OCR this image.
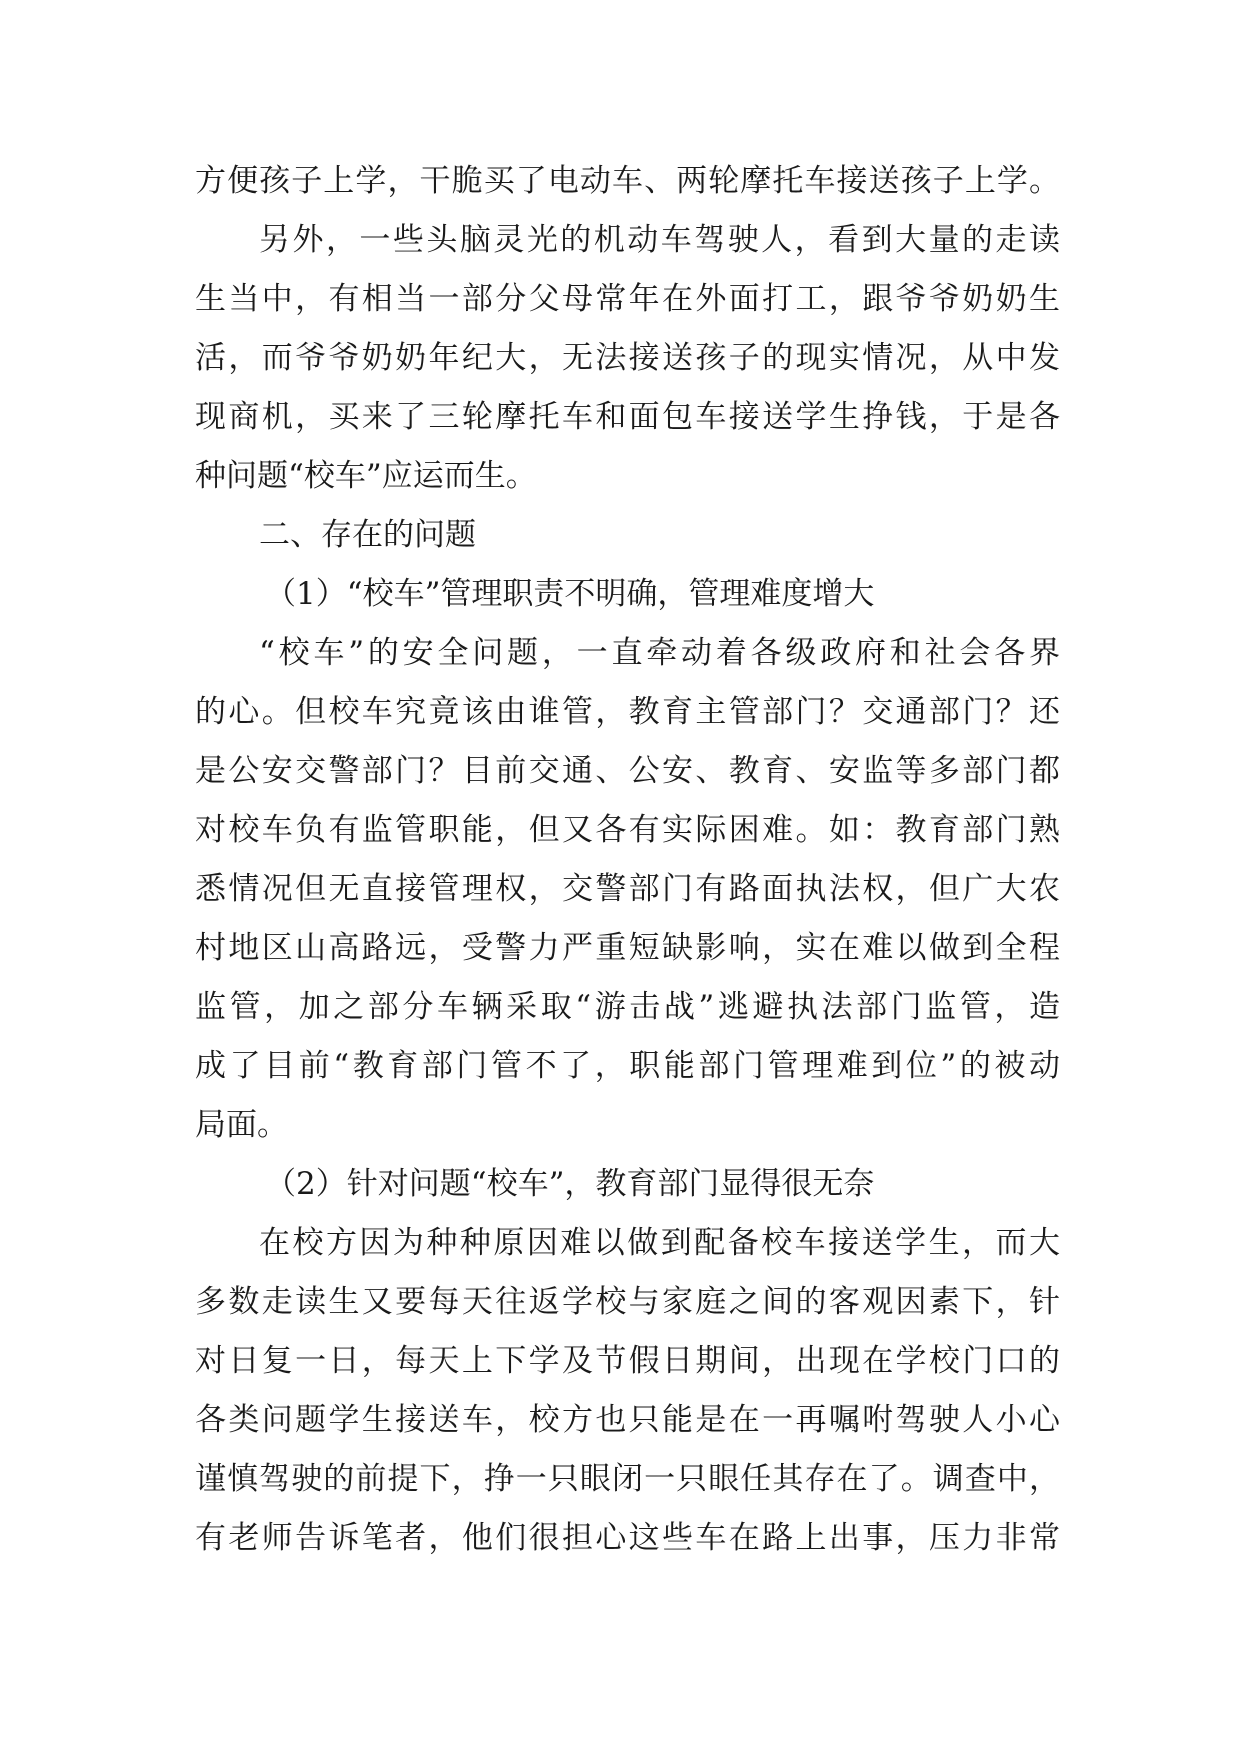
方便孩子上学，干脆买了电动车、两轮摩托车接送孩子上学。
另外，一些头脑灵光的机动车驾驶人，看到大量的走读
生当中，有相当一部分父母常年在外面打工，跟爷爷奶奶生
活，而爷爷奶奶年纪大，无法接送孩子的现实情况，从中发
现商机，买来了三轮摩托车和面包车接送学生挣钱，于是各
种问题“校车”应运而生。
二、存在的问题
（1）“校车”管理职责不明确，管理难度增大
“校车”的安全问题，一直牵动着各级政府和社会各界
的心。但校车究竟该由谁管，教育主管部门？交通部门？还
是公安交警部门？目前交通、公安、教育、安监等多部门都
对校车负有监管职能，但又各有实际困难。如：教育部门熟
悉情况但无直接管理权，交警部门有路面执法权，但广大农
村地区山高路远，受警力严重短缺影响，实在难以做到全程
监管，加之部分车辆采取“游击战”逃避执法部门监管，造
成了目前“教育部门管不了，职能部门管理难到位”的被动
局面。
（2）针对问题“校车”，教育部门显得很无奈
在校方因为种种原因难以做到配备校车接送学生，而大
多数走读生又要每天往返学校与家庭之间的客观因素下，针
对日复一日，每天上下学及节假日期间，出现在学校门口的
各类问题学生接送车，校方也只能是在一再嘱咐驾驶人小心
谨慎驾驶的前提下，挣一只眼闭一只眼任其存在了。调查中，
有老师告诉笔者，他们很担心这些车在路上出事，压力非常
